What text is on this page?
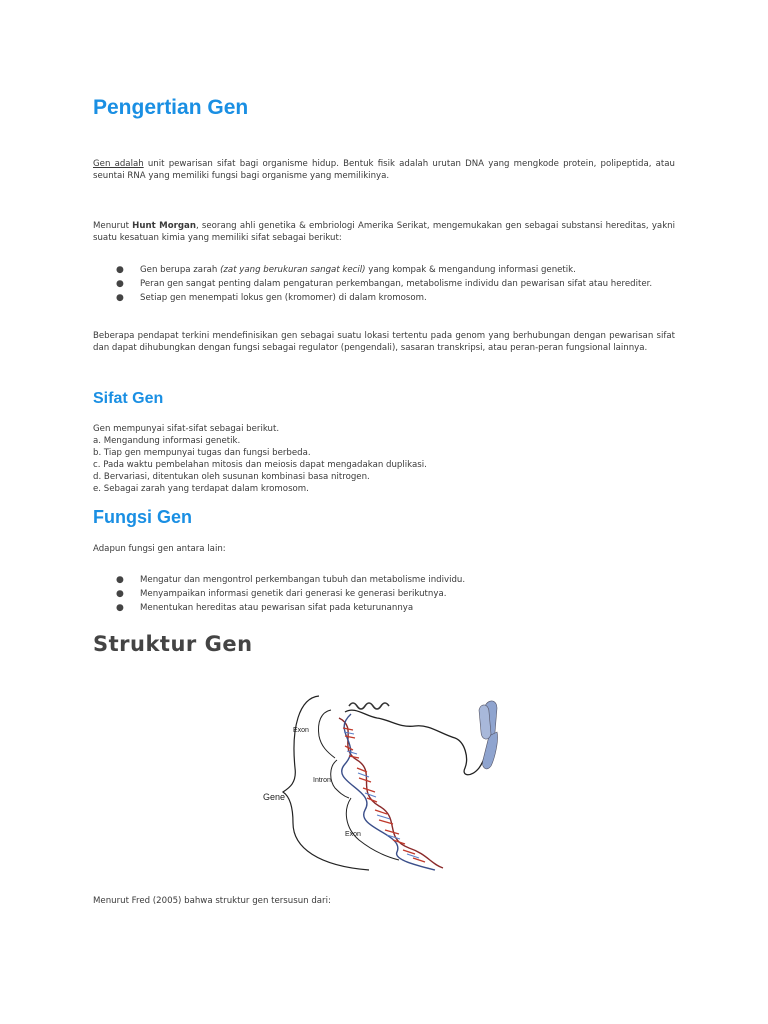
Pengertian Gen

Gen adalah unit pewarisan sifat bagi organisme hidup. Bentuk fisik adalah urutan DNA yang mengkode protein, polipeptida, atau seuntai RNA yang memiliki fungsi bagi organisme yang memilikinya.

Menurut Hunt Morgan, seorang ahli genetika & embriologi Amerika Serikat, mengemukakan gen sebagai substansi hereditas, yakni suatu kesatuan kimia yang memiliki sifat sebagai berikut:

● Gen berupa zarah (zat yang berukuran sangat kecil) yang kompak & mengandung informasi genetik.
● Peran gen sangat penting dalam pengaturan perkembangan, metabolisme individu dan pewarisan sifat atau herediter.
● Setiap gen menempati lokus gen (kromomer) di dalam kromosom.

Beberapa pendapat terkini mendefinisikan gen sebagai suatu lokasi tertentu pada genom yang berhubungan dengan pewarisan sifat dan dapat dihubungkan dengan fungsi sebagai regulator (pengendali), sasaran transkripsi, atau peran-peran fungsional lainnya.

Sifat Gen
Gen mempunyai sifat-sifat sebagai berikut.
a. Mengandung informasi genetik.
b. Tiap gen mempunyai tugas dan fungsi berbeda.
c. Pada waktu pembelahan mitosis dan meiosis dapat mengadakan duplikasi.
d. Bervariasi, ditentukan oleh susunan kombinasi basa nitrogen.
e. Sebagai zarah yang terdapat dalam kromosom.
Fungsi Gen

Adapun fungsi gen antara lain:

● Mengatur dan mengontrol perkembangan tubuh dan metabolisme individu.
● Menyampaikan informasi genetik dari generasi ke generasi berikutnya.
● Menentukan hereditas atau pewarisan sifat pada keturunannya
Struktur Gen

Menurut Fred (2005) bahwa struktur gen tersusun dari:

Exon
Intron
Gene
Exon
